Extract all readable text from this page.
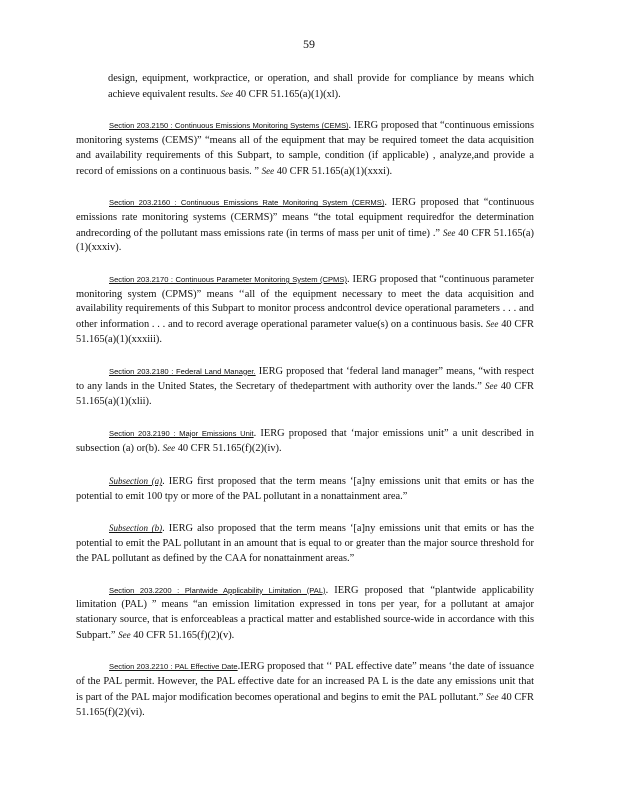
59

design, equipment, workpractice, or operation, and shall provide for compliance by means which achieve equivalent results. See 40 CFR 51.165(a)(1)(xl).

Section 203.2150 : Continuous Emissions Monitoring Systems (CEMS). IERG proposed that “continuous emissions monitoring systems (CEMS)” “means all of the equipment that may be required tomeet the data acquisition and availability requirements of this Subpart, to sample, condition (if applicable) , analyze,and provide a record of emissions on a continuous basis. ” See 40 CFR 51.165(a)(1)(xxxi).

Section 203.2160 : Continuous Emissions Rate Monitoring System (CERMS). IERG proposed that “continuous emissions rate monitoring systems (CERMS)” means “the total equipment requiredfor the determination andrecording of the pollutant mass emissions rate (in terms of mass per unit of time) .” See 40 CFR 51.165(a)(1)(xxxiv).

Section 203.2170 : Continuous Parameter Monitoring System (CPMS). IERG proposed that “continuous parameter monitoring system (CPMS)” means ‘‘all of the equipment necessary to meet the data acquisition and availability requirements of this Subpart to monitor process andcontrol device operational parameters . . . and other information . . . and to record average operational parameter value(s) on a continuous basis. See 40 CFR 51.165(a)(1)(xxxiii).

Section 203.2180 : Federal Land Manager. IERG proposed that ‘federal land manager” means, “with respect to any lands in the United States, the Secretary of thedepartment with authority over the lands.” See 40 CFR 51.165(a)(1)(xlii).

Section 203.2190 : Major Emissions Unit. IERG proposed that ‘major emissions unit” a unit described in subsection (a) or(b). See 40 CFR 51.165(f)(2)(iv).

Subsection (a). IERG first proposed that the term means ‘[a]ny emissions unit that emits or has the potential to emit 100 tpy or more of the PAL pollutant in a nonattainment area.”

Subsection (b). IERG also proposed that the term means ‘[a]ny emissions unit that emits or has the potential to emit the PAL pollutant in an amount that is equal to or greater than the major source threshold for the PAL pollutant as defined by the CAA for nonattainment areas.”

Section 203.2200 : Plantwide Applicability Limitation (PAL). IERG proposed that “plantwide applicability limitation (PAL) ” means “an emission limitation expressed in tons per year, for a pollutant at amajor stationary source, that is enforceableas a practical matter and established source-wide in accordance with this Subpart.” See 40 CFR 51.165(f)(2)(v).

Section 203.2210 : PAL Effective Date.IERG proposed that ‘‘ PAL effective date” means ‘the date of issuance of the PAL permit. However, the PAL effective date for an increased PA L is the date any emissions unit that is part of the PAL major modification becomes operational and begins to emit the PAL pollutant.” See 40 CFR 51.165(f)(2)(vi).
